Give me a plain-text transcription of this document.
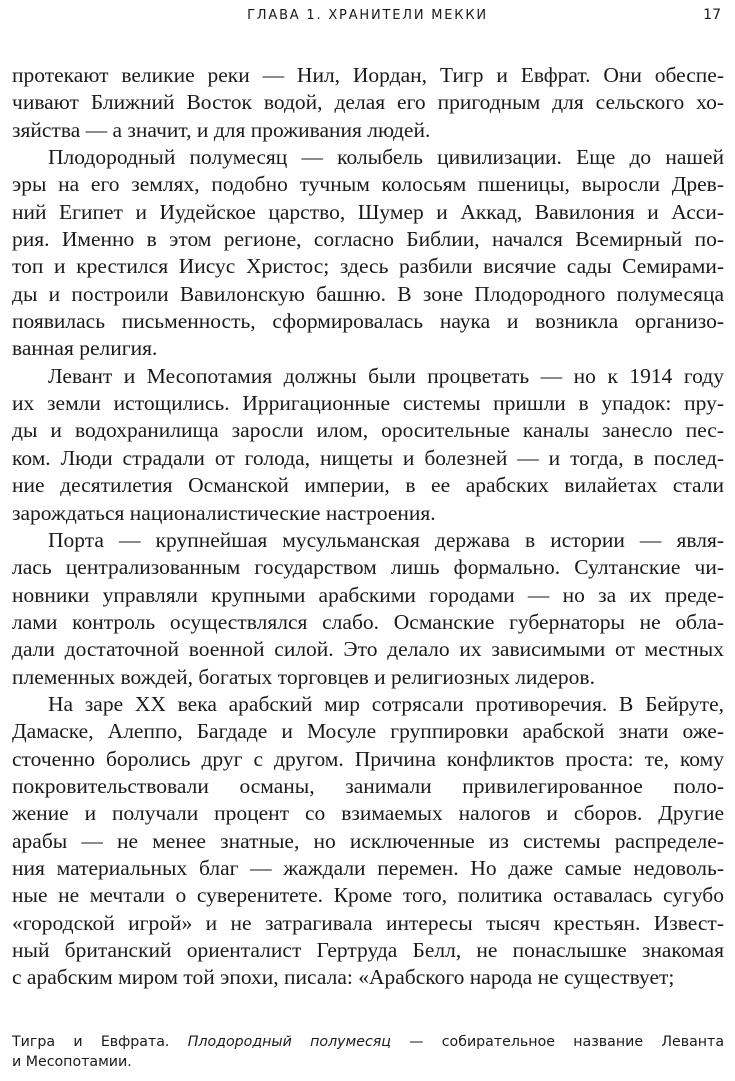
ГЛАВА 1. ХРАНИТЕЛИ МЕККИ	17
протекают великие реки — Нил, Иордан, Тигр и Евфрат. Они обеспе-
чивают Ближний Восток водой, делая его пригодным для сельского хо-
зяйства — а значит, и для проживания людей.
Плодородный полумесяц — колыбель цивилизации. Еще до нашей
эры на его землях, подобно тучным колосьям пшеницы, выросли Древ-
ний Египет и Иудейское царство, Шумер и Аккад, Вавилония и Асси-
рия. Именно в этом регионе, согласно Библии, начался Всемирный по-
топ и крестился Иисус Христос; здесь разбили висячие сады Семирами-
ды и построили Вавилонскую башню. В зоне Плодородного полумесяца
появилась письменность, сформировалась наука и возникла организо-
ванная религия.
Левант и Месопотамия должны были процветать — но к 1914 году
их земли истощились. Ирригационные системы пришли в упадок: пру-
ды и водохранилища заросли илом, оросительные каналы занесло пес-
ком. Люди страдали от голода, нищеты и болезней — и тогда, в послед-
ние десятилетия Османской империи, в ее арабских вилайетах стали
зарождаться националистические настроения.
Порта — крупнейшая мусульманская держава в истории — явля-
лась централизованным государством лишь формально. Султанские чи-
новники управляли крупными арабскими городами — но за их преде-
лами контроль осуществлялся слабо. Османские губернаторы не обла-
дали достаточной военной силой. Это делало их зависимыми от местных
племенных вождей, богатых торговцев и религиозных лидеров.
На заре XX века арабский мир сотрясали противоречия. В Бейруте,
Дамаске, Алеппо, Багдаде и Мосуле группировки арабской знати оже-
сточенно боролись друг с другом. Причина конфликтов проста: те, кому
покровительствовали османы, занимали привилегированное поло-
жение и получали процент со взимаемых налогов и сборов. Другие
арабы — не менее знатные, но исключенные из системы распределе-
ния материальных благ — жаждали перемен. Но даже самые недоволь-
ные не мечтали о суверенитете. Кроме того, политика оставалась сугубо
«городской игрой» и не затрагивала интересы тысяч крестьян. Извест-
ный британский ориенталист Гертруда Белл, не понаслышке знакомая
с арабским миром той эпохи, писала: «Арабского народа не существует;
Тигра и Евфрата. Плодородный полумесяц — собирательное название Леванта
и Месопотамии.
